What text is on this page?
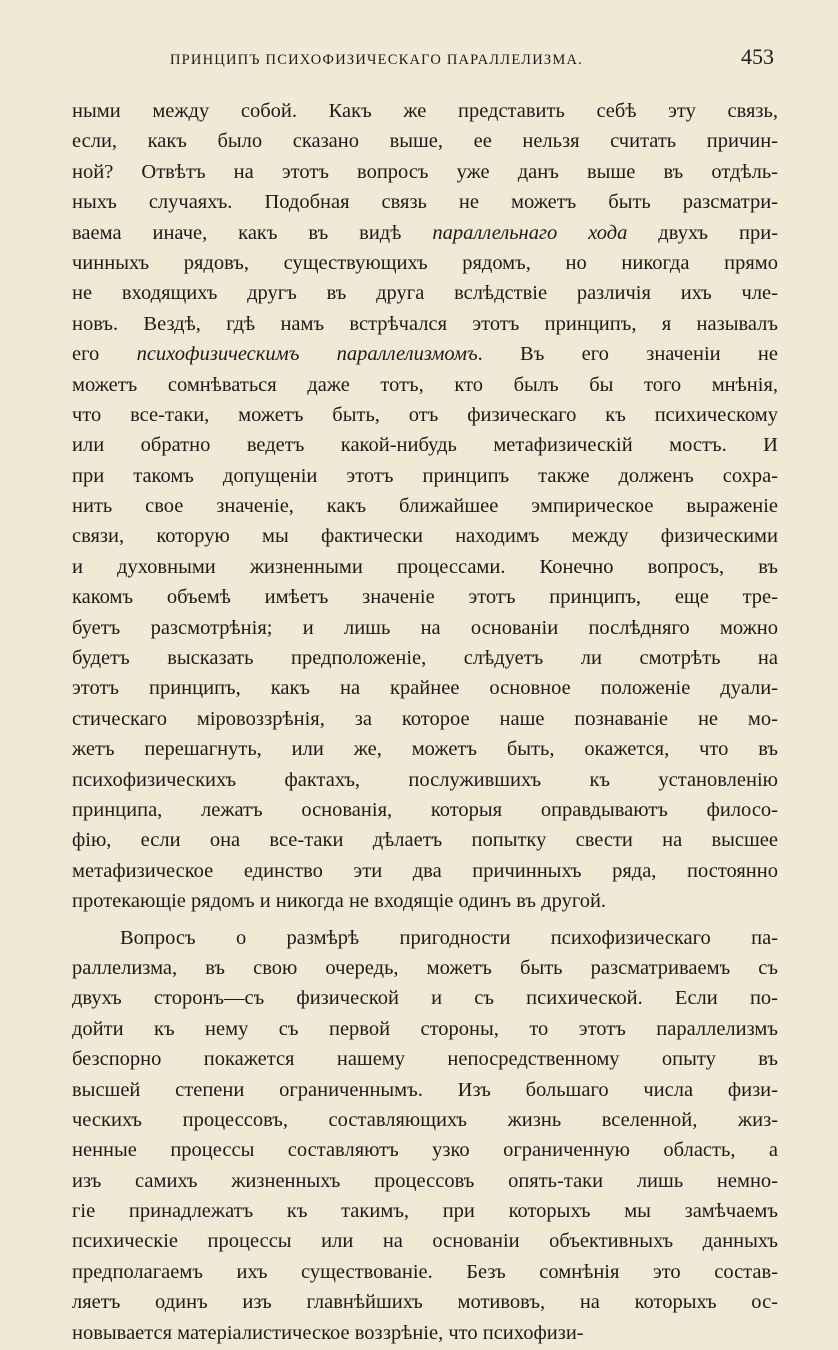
ПРИНЦИПЪ ПСИХОФИЗИЧЕСКАГО ПАРАЛЛЕЛИЗМА.	453
ными между собой. Какъ же представить себѣ эту связь,
если, какъ было сказано выше, ее нельзя считать причин-
ной? Отвѣтъ на этотъ вопросъ уже данъ выше въ отдѣль-
ныхъ случаяхъ. Подобная связь не можетъ быть разсматри-
ваема иначе, какъ въ видѣ параллельнаго хода двухъ при-
чинныхъ рядовъ, существующихъ рядомъ, но никогда прямо
не входящихъ другъ въ друга вслѣдствіе различія ихъ чле-
новъ. Вездѣ, гдѣ намъ встрѣчался этотъ принципъ, я называлъ
его психофизическимъ параллелизмомъ. Въ его значеніи не
можетъ сомнѣваться даже тотъ, кто былъ бы того мнѣнія,
что все-таки, можетъ быть, отъ физическаго къ психическому
или обратно ведетъ какой-нибудь метафизическій мостъ. И
при такомъ допущеніи этотъ принципъ также долженъ сохра-
нить свое значеніе, какъ ближайшее эмпирическое выраженіе
связи, которую мы фактически находимъ между физическими
и духовными жизненными процессами. Конечно вопросъ, въ
какомъ объемѣ имѣетъ значеніе этотъ принципъ, еще тре-
буетъ разсмотрѣнія; и лишь на основаніи послѣдняго можно
будетъ высказать предположеніе, слѣдуетъ ли смотрѣть на
этотъ принципъ, какъ на крайнее основное положеніе дуали-
стическаго міровоззрѣнія, за которое наше познаваніе не мо-
жетъ перешагнуть, или же, можетъ быть, окажется, что въ
психофизическихъ фактахъ, послужившихъ къ установленію
принципа, лежатъ основанія, которыя оправдываютъ филосо-
фію, если она все-таки дѣлаетъ попытку свести на высшее
метафизическое единство эти два причинныхъ ряда, постоянно
протекающіе рядомъ и никогда не входящіе одинъ въ другой.
Вопросъ о размѣрѣ пригодности психофизическаго па-
раллелизма, въ свою очередь, можетъ быть разсматриваемъ съ
двухъ сторонъ—съ физической и съ психической. Если по-
дойти къ нему съ первой стороны, то этотъ параллелизмъ
безспорно покажется нашему непосредственному опыту въ
высшей степени ограниченнымъ. Изъ большаго числа физи-
ческихъ процессовъ, составляющихъ жизнь вселенной, жиз-
ненные процессы составляютъ узко ограниченную область, а
изъ самихъ жизненныхъ процессовъ опять-таки лишь немно-
гіе принадлежатъ къ такимъ, при которыхъ мы замѣчаемъ
психическіе процессы или на основаніи объективныхъ данныхъ
предполагаемъ ихъ существованіе. Безъ сомнѣнія это состав-
ляетъ одинъ изъ главнѣйшихъ мотивовъ, на которыхъ ос-
новывается матеріалистическое воззрѣніе, что психофизи-
